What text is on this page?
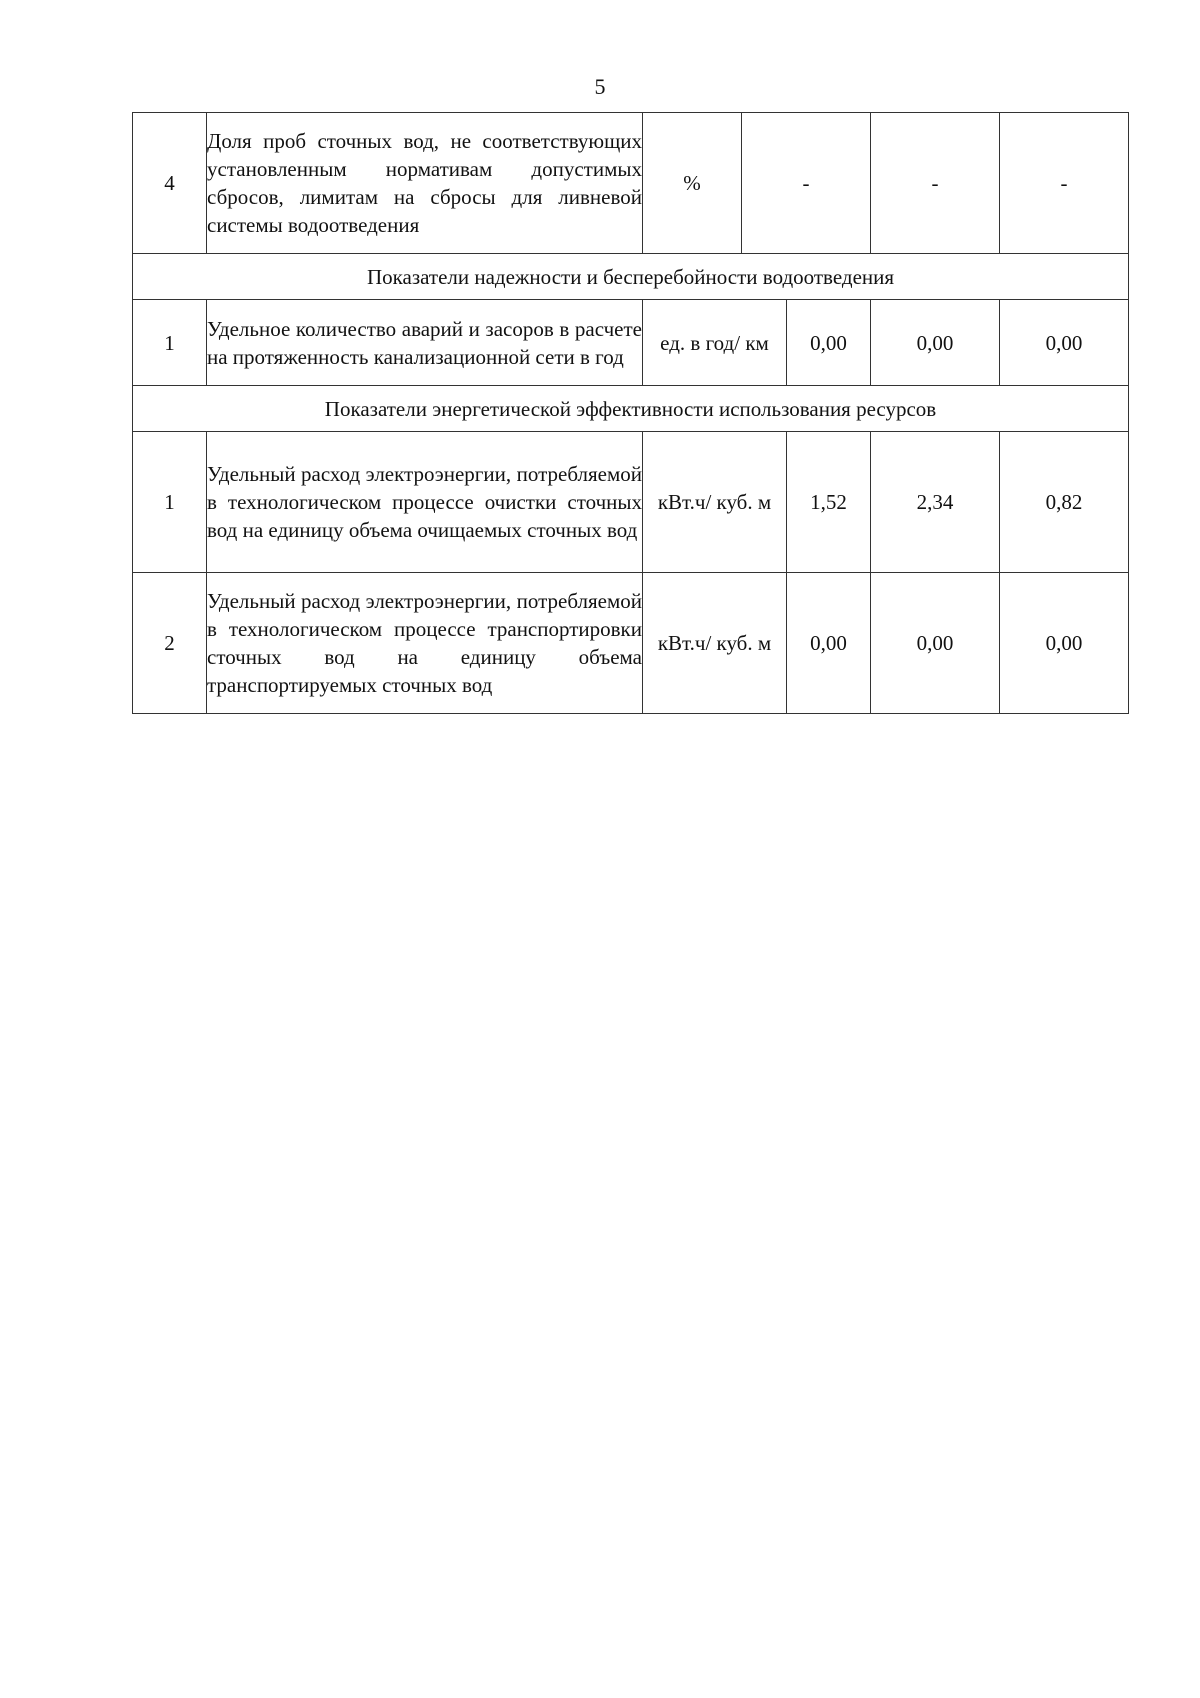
5
4	Доля проб сточных вод, не соответствующих установленным нормативам допустимых сбросов, лимитам на сбросы для ливневой системы водоотведения	%	-		-	-
Показатели надежности и бесперебойности водоотведения						
1	Удельное количество аварий и засоров в расчете на протяженность канализационной сети в год	ед. в год/ км		0,00	0,00	0,00
Показатели энергетической эффективности использования ресурсов						
1	Удельный расход электроэнергии, потребляемой в технологическом процессе очистки сточных вод на единицу объема очищаемых сточных вод	кВт.ч/ куб. м		1,52	2,34	0,82
2	Удельный расход электроэнергии, потребляемой в технологическом процессе транспортировки сточных вод на единицу объема транспортируемых сточных вод	кВт.ч/ куб. м		0,00	0,00	0,00
